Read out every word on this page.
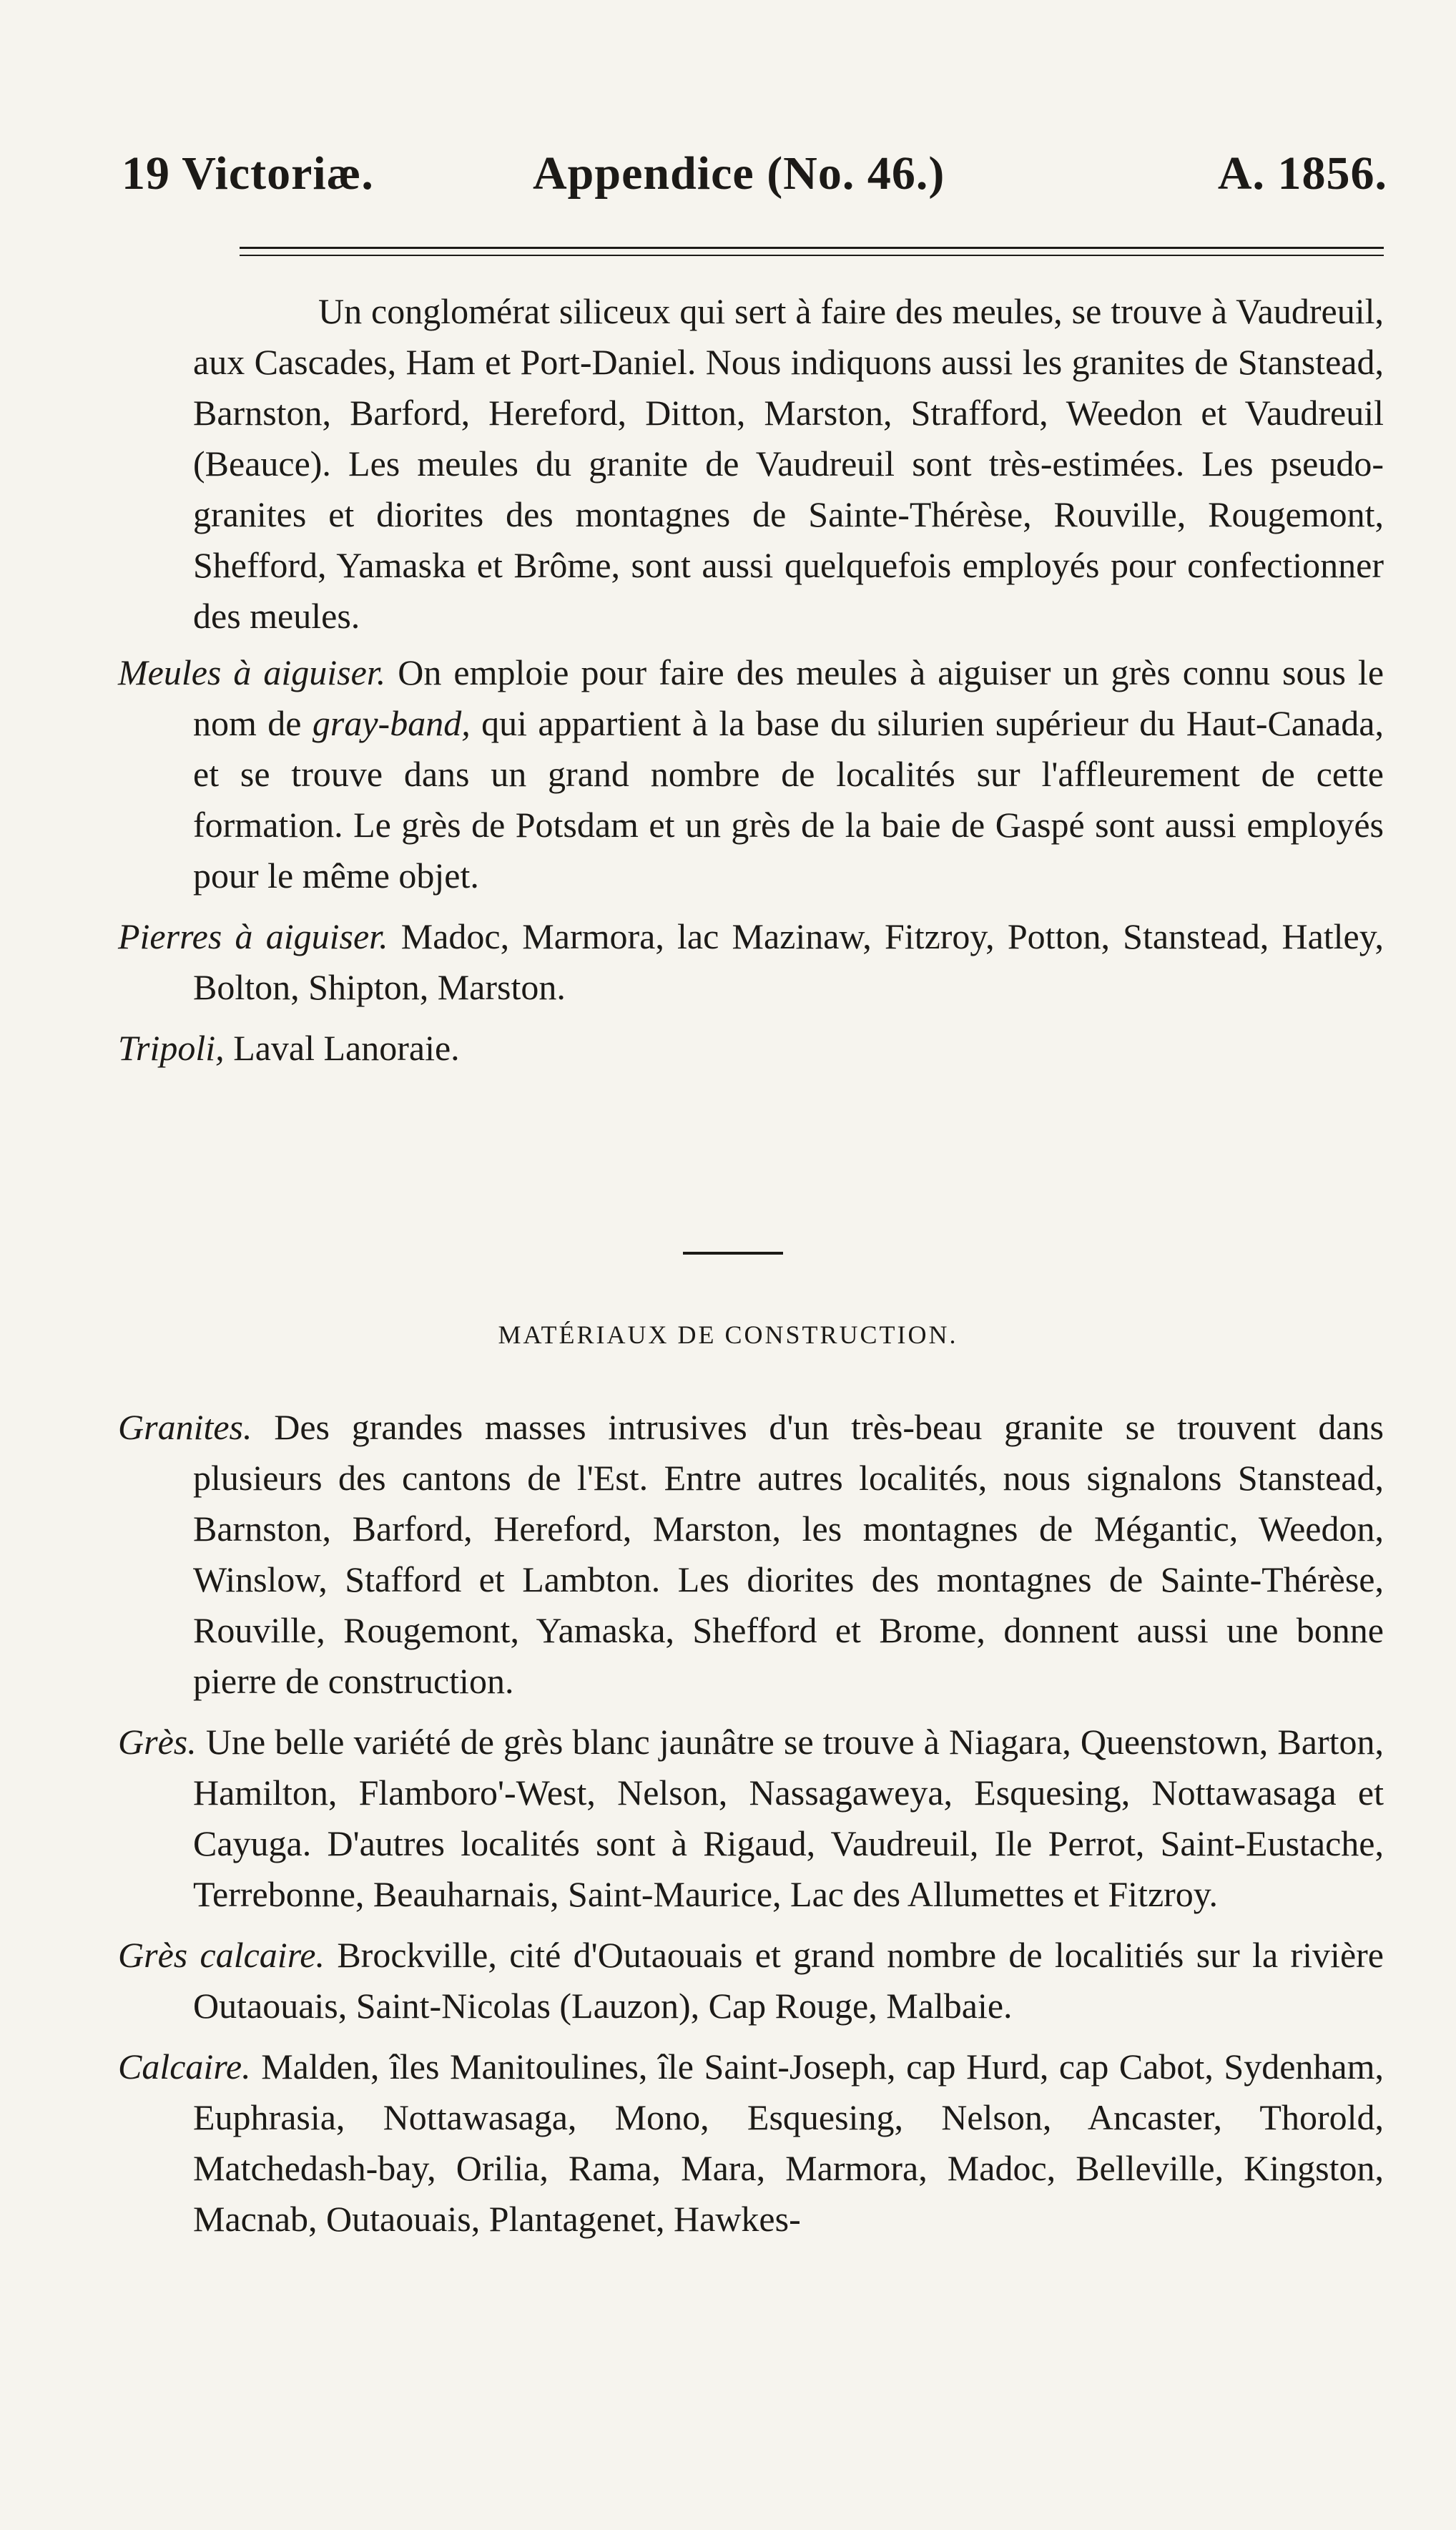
19 Victoriæ.	Appendice (No. 46.)	A. 1856.

Un conglomérat siliceux qui sert à faire des meules, se trouve à Vaudreuil, aux Cascades, Ham et Port-Daniel. Nous indiquons aussi les granites de Stanstead, Barnston, Barford, Hereford, Ditton, Marston, Strafford, Weedon et Vaudreuil (Beauce). Les meules du granite de Vaudreuil sont très-estimées. Les pseudo-granites et diorites des montagnes de Sainte-Thérèse, Rouville, Rougemont, Shefford, Yamaska et Brôme, sont aussi quelquefois employés pour confectionner des meules.

Meules à aiguiser. On emploie pour faire des meules à aiguiser un grès connu sous le nom de gray-band, qui appartient à la base du silurien supérieur du Haut-Canada, et se trouve dans un grand nombre de localités sur l'affleurement de cette formation. Le grès de Potsdam et un grès de la baie de Gaspé sont aussi employés pour le même objet.

Pierres à aiguiser. Madoc, Marmora, lac Mazinaw, Fitzroy, Potton, Stanstead, Hatley, Bolton, Shipton, Marston.

Tripoli, Laval Lanoraie.

MATÉRIAUX DE CONSTRUCTION.

Granites. Des grandes masses intrusives d'un très-beau granite se trouvent dans plusieurs des cantons de l'Est. Entre autres localités, nous signalons Stanstead, Barnston, Barford, Hereford, Marston, les montagnes de Mégantic, Weedon, Winslow, Stafford et Lambton. Les diorites des montagnes de Sainte-Thérèse, Rouville, Rougemont, Yamaska, Shefford et Brome, donnent aussi une bonne pierre de construction.

Grès. Une belle variété de grès blanc jaunâtre se trouve à Niagara, Queenstown, Barton, Hamilton, Flamboro'-West, Nelson, Nassagaweya, Esquesing, Nottawasaga et Cayuga. D'autres localités sont à Rigaud, Vaudreuil, Ile Perrot, Saint-Eustache, Terrebonne, Beauharnais, Saint-Maurice, Lac des Allumettes et Fitzroy.

Grès calcaire. Brockville, cité d'Outaouais et grand nombre de localitiés sur la rivière Outaouais, Saint-Nicolas (Lauzon), Cap Rouge, Malbaie.

Calcaire. Malden, îles Manitoulines, île Saint-Joseph, cap Hurd, cap Cabot, Sydenham, Euphrasia, Nottawasaga, Mono, Esquesing, Nelson, Ancaster, Thorold, Matchedash-bay, Orilia, Rama, Mara, Marmora, Madoc, Belleville, Kingston, Macnab, Outaouais, Plantagenet, Hawkes-
